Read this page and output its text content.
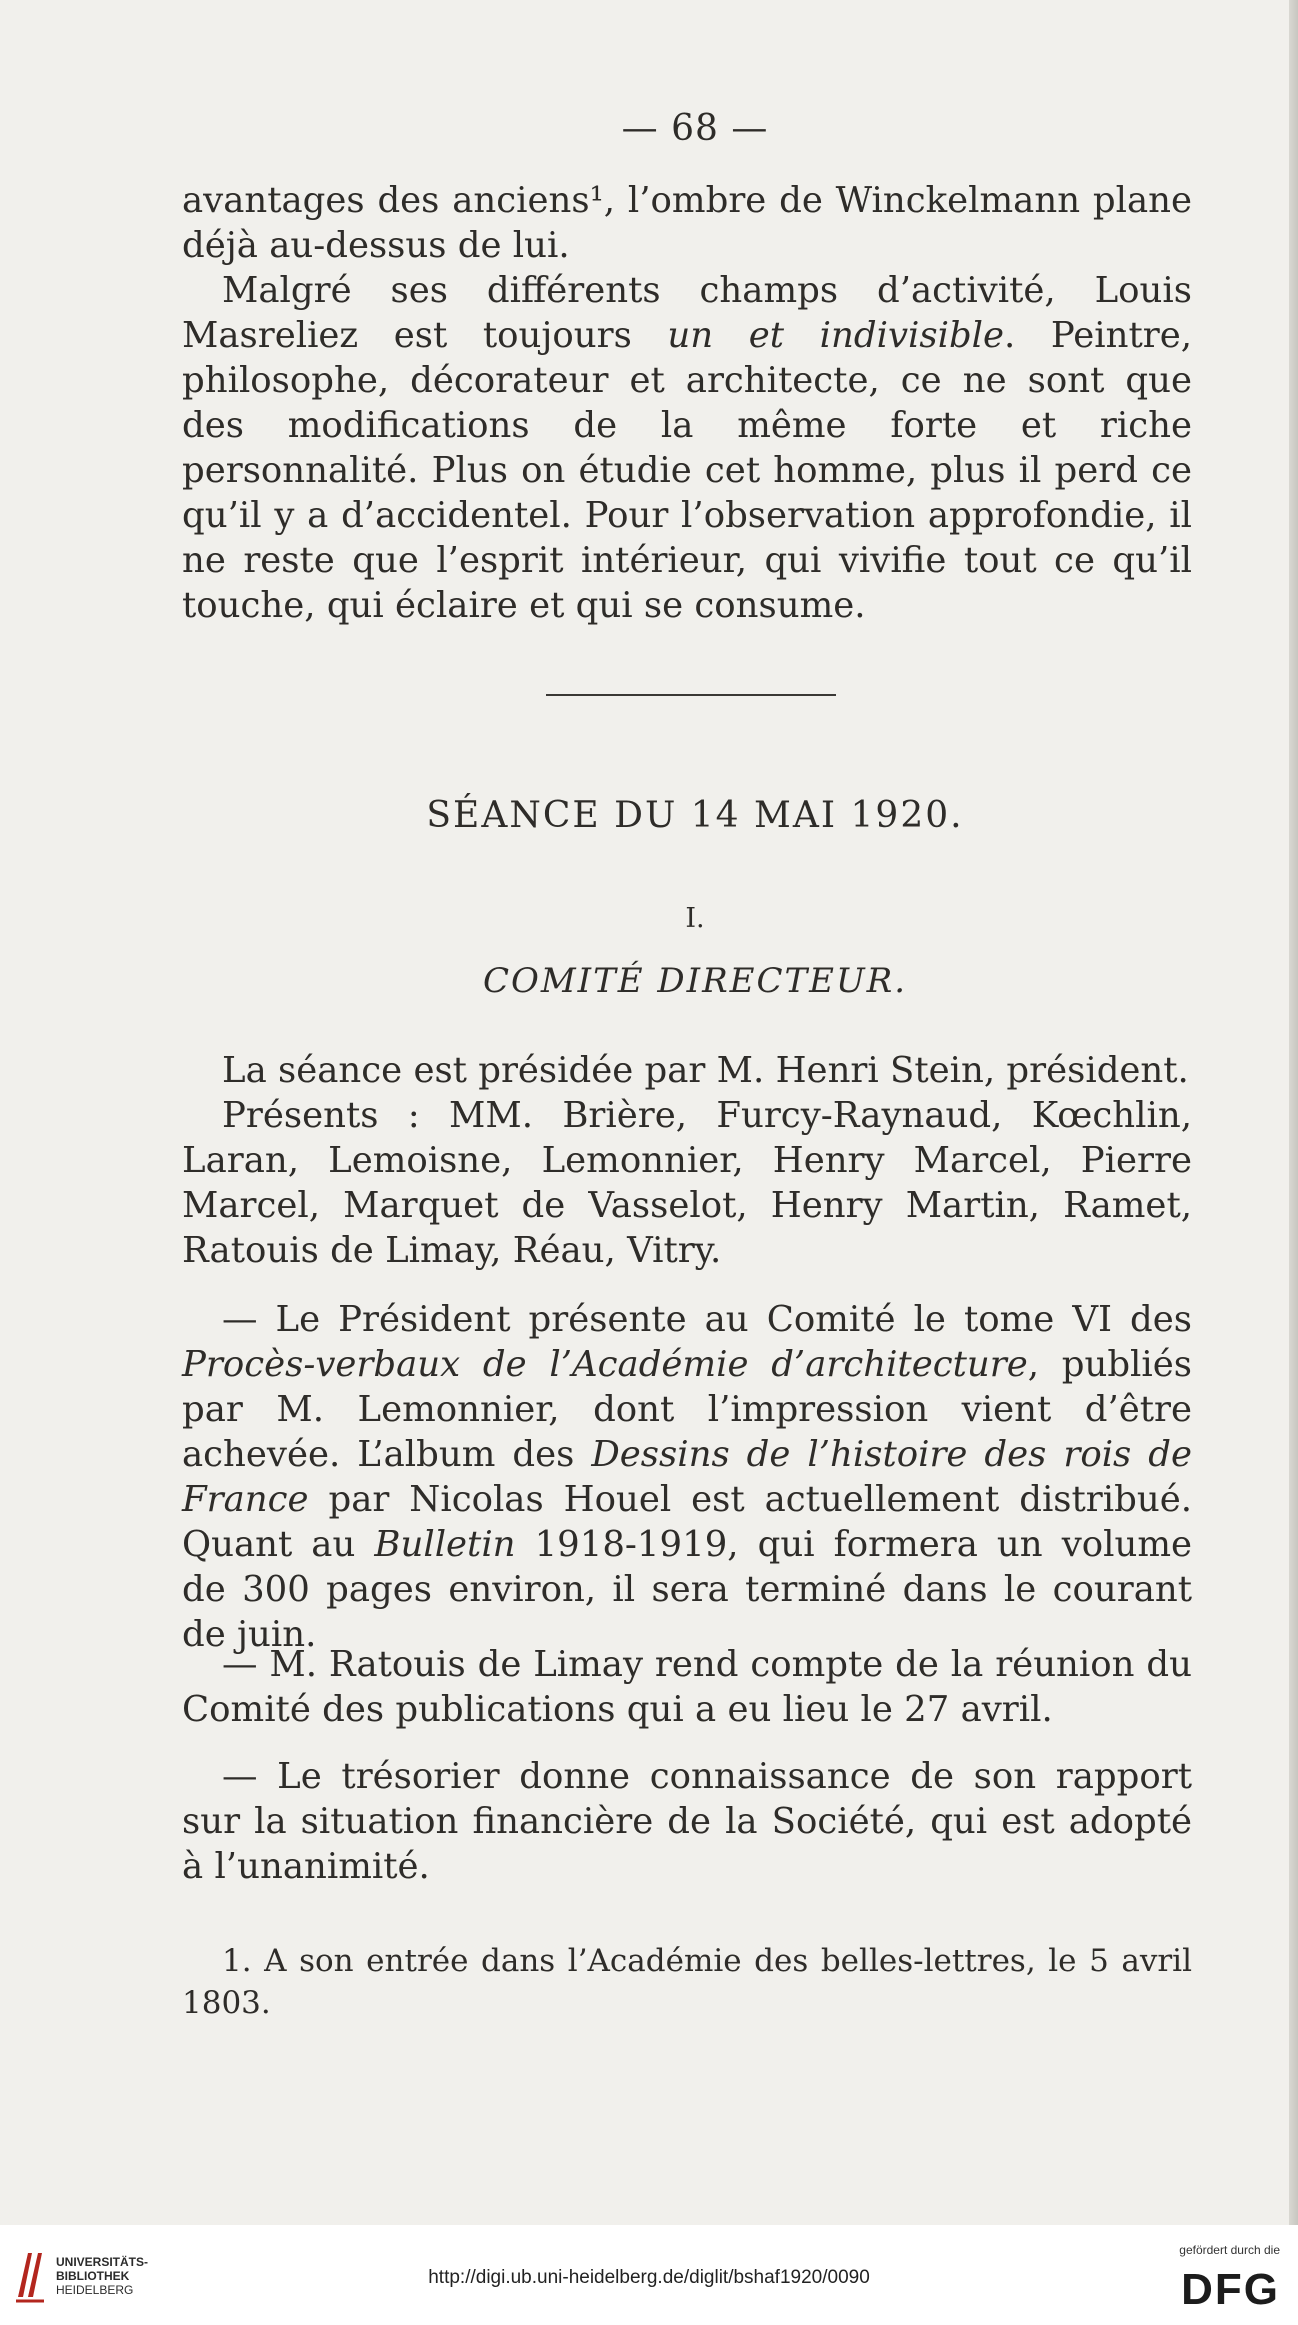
— 68 —

avantages des anciens¹, l’ombre de Winckelmann plane déjà au-dessus de lui.

Malgré ses différents champs d’activité, Louis Masreliez est toujours un et indivisible. Peintre, philosophe, décorateur et architecte, ce ne sont que des modifications de la même forte et riche personnalité. Plus on étudie cet homme, plus il perd ce qu’il y a d’accidentel. Pour l’observation approfondie, il ne reste que l’esprit intérieur, qui vivifie tout ce qu’il touche, qui éclaire et qui se consume.

SÉANCE DU 14 MAI 1920.
I.
COMITÉ DIRECTEUR.

La séance est présidée par M. Henri Stein, président.

Présents : MM. Brière, Furcy-Raynaud, Kœchlin, Laran, Lemoisne, Lemonnier, Henry Marcel, Pierre Marcel, Marquet de Vasselot, Henry Martin, Ramet, Ratouis de Limay, Réau, Vitry.

— Le Président présente au Comité le tome VI des Procès-verbaux de l’Académie d’architecture, publiés par M. Lemonnier, dont l’impression vient d’être achevée. L’album des Dessins de l’histoire des rois de France par Nicolas Houel est actuellement distribué. Quant au Bulletin 1918-1919, qui formera un volume de 300 pages environ, il sera terminé dans le courant de juin.

— M. Ratouis de Limay rend compte de la réunion du Comité des publications qui a eu lieu le 27 avril.

— Le trésorier donne connaissance de son rapport sur la situation financière de la Société, qui est adopté à l’unanimité.

1. A son entrée dans l’Académie des belles-lettres, le 5 avril 1803.

UNIVERSITÄTS-
BIBLIOTHEK
HEIDELBERG
http://digi.ub.uni-heidelberg.de/diglit/bshaf1920/0090
gefördert durch die
DFG
